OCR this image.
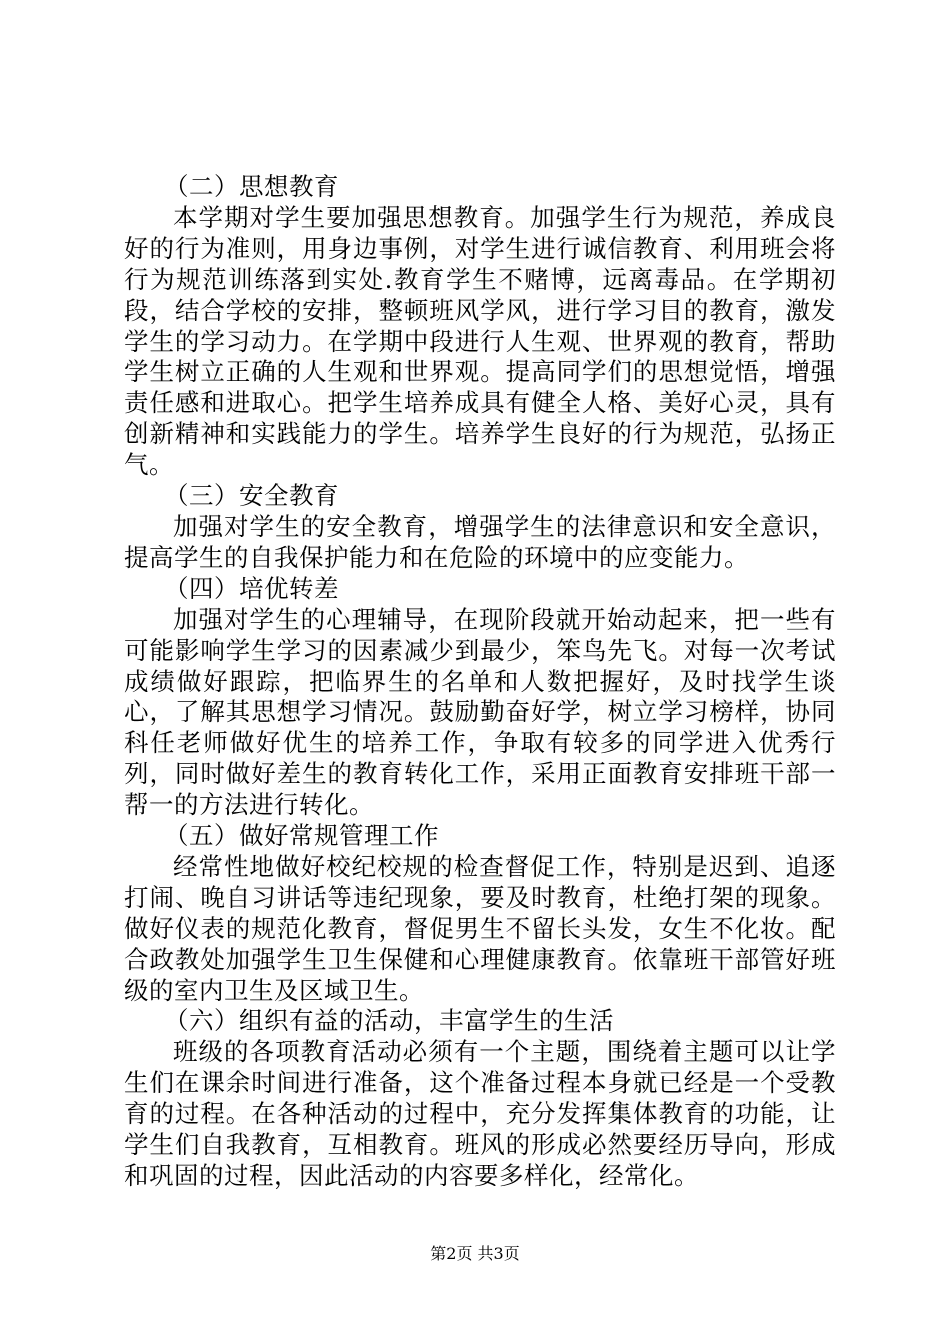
（二）思想教育

本学期对学生要加强思想教育。加强学生行为规范，养成良好的行为准则，用身边事例，对学生进行诚信教育、利用班会将行为规范训练落到实处.教育学生不赌博，远离毒品。在学期初段，结合学校的安排，整顿班风学风，进行学习目的教育，激发学生的学习动力。在学期中段进行人生观、世界观的教育，帮助学生树立正确的人生观和世界观。提高同学们的思想觉悟，增强责任感和进取心。把学生培养成具有健全人格、美好心灵，具有创新精神和实践能力的学生。培养学生良好的行为规范，弘扬正气。

（三）安全教育

加强对学生的安全教育，增强学生的法律意识和安全意识，提高学生的自我保护能力和在危险的环境中的应变能力。

（四）培优转差

加强对学生的心理辅导，在现阶段就开始动起来，把一些有可能影响学生学习的因素减少到最少，笨鸟先飞。对每一次考试成绩做好跟踪，把临界生的名单和人数把握好，及时找学生谈心，了解其思想学习情况。鼓励勤奋好学，树立学习榜样，协同科任老师做好优生的培养工作，争取有较多的同学进入优秀行列，同时做好差生的教育转化工作，采用正面教育安排班干部一帮一的方法进行转化。

（五）做好常规管理工作

经常性地做好校纪校规的检查督促工作，特别是迟到、追逐打闹、晚自习讲话等违纪现象，要及时教育，杜绝打架的现象。做好仪表的规范化教育，督促男生不留长头发，女生不化妆。配合政教处加强学生卫生保健和心理健康教育。依靠班干部管好班级的室内卫生及区域卫生。

（六）组织有益的活动，丰富学生的生活

班级的各项教育活动必须有一个主题，围绕着主题可以让学生们在课余时间进行准备，这个准备过程本身就已经是一个受教育的过程。在各种活动的过程中，充分发挥集体教育的功能，让学生们自我教育，互相教育。班风的形成必然要经历导向，形成和巩固的过程，因此活动的内容要多样化，经常化。

第2页 共3页
